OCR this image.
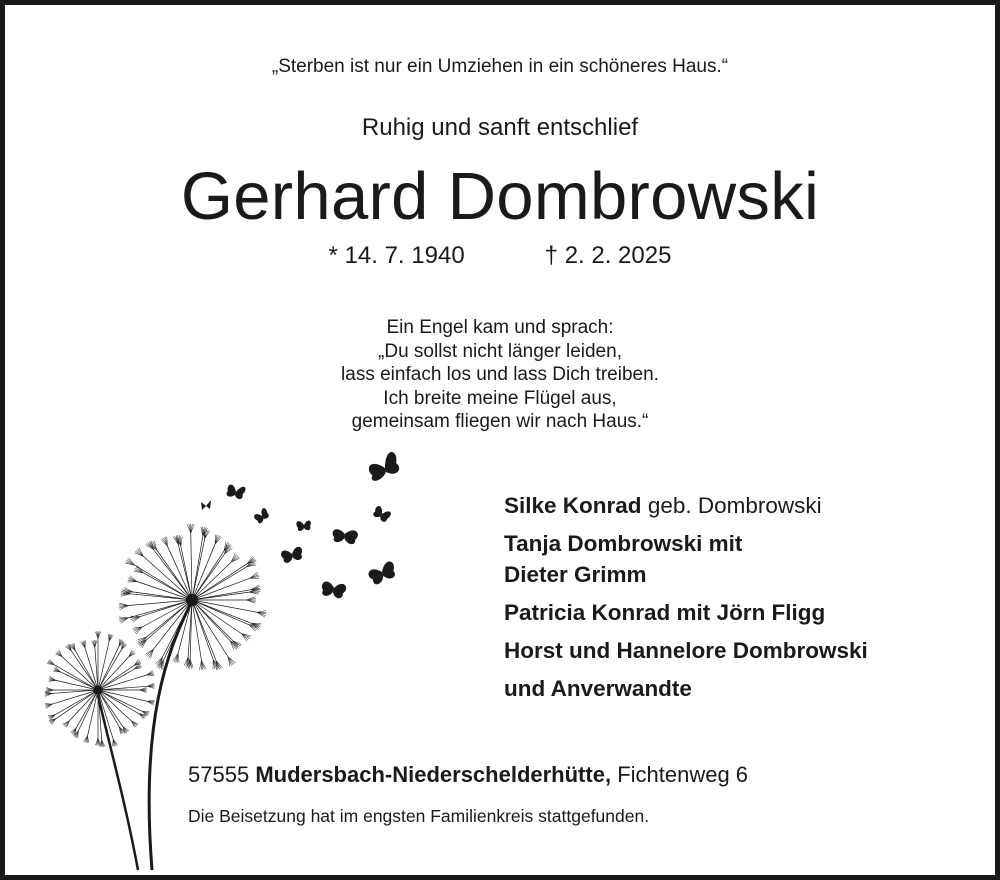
„Sterben ist nur ein Umziehen in ein schöneres Haus.“
Ruhig und sanft entschlief
Gerhard Dombrowski
* 14. 7. 1940	† 2. 2. 2025
Ein Engel kam und sprach:
„Du sollst nicht länger leiden,
lass einfach los und lass Dich treiben.
Ich breite meine Flügel aus,
gemeinsam fliegen wir nach Haus.“
Silke Konrad geb. Dombrowski
Tanja Dombrowski mit
Dieter Grimm
Patricia Konrad mit Jörn Fligg
Horst und Hannelore Dombrowski
und Anverwandte
57555 Mudersbach-Niederschelderhütte, Fichtenweg 6
Die Beisetzung hat im engsten Familienkreis stattgefunden.
